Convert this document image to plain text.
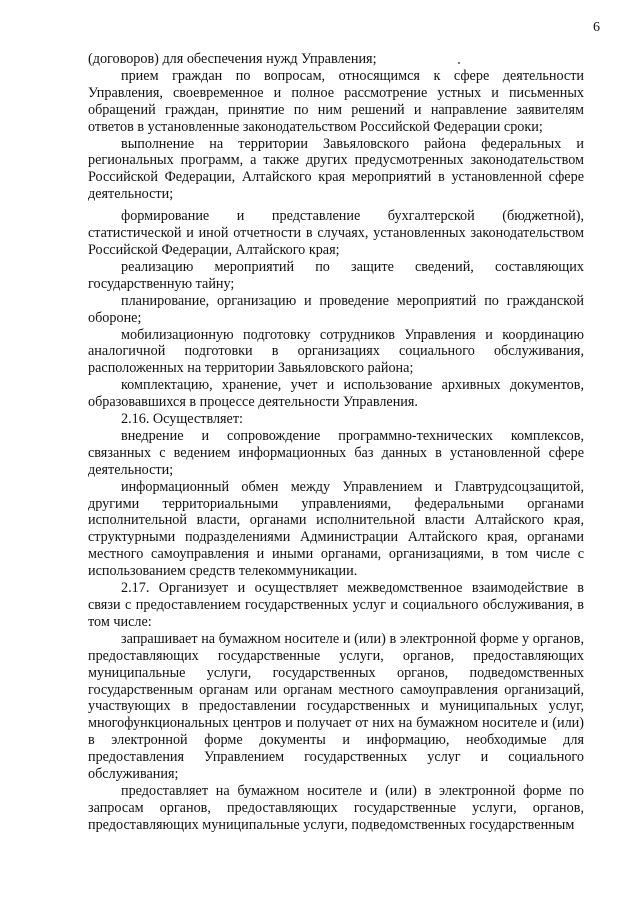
6

(договоров) для обеспечения нужд Управления;

прием граждан по вопросам, относящимся к сфере деятельности Управления, своевременное и полное рассмотрение устных и письменных обращений граждан, принятие по ним решений и направление заявителям ответов в установленные законодательством Российской Федерации сроки;

выполнение на территории Завьяловского района федеральных и региональных программ, а также других предусмотренных законодательством Российской Федерации, Алтайского края мероприятий в установленной сфере деятельности;

формирование и представление бухгалтерской (бюджетной), статистической и иной отчетности в случаях, установленных законодательством Российской Федерации, Алтайского края;

реализацию мероприятий по защите сведений, составляющих государственную тайну;

планирование, организацию и проведение мероприятий по гражданской обороне;

мобилизационную подготовку сотрудников Управления и координацию аналогичной подготовки в организациях социального обслуживания, расположенных на территории Завьяловского района;

комплектацию, хранение, учет и использование архивных документов, образовавшихся в процессе деятельности Управления.

2.16. Осуществляет:

внедрение и сопровождение программно-технических комплексов, связанных с ведением информационных баз данных в установленной сфере деятельности;

информационный обмен между Управлением и Главтрудсоцзащитой, другими территориальными управлениями, федеральными органами исполнительной власти, органами исполнительной власти Алтайского края, структурными подразделениями Администрации Алтайского края, органами местного самоуправления и иными органами, организациями, в том числе с использованием средств телекоммуникации.

2.17. Организует и осуществляет межведомственное взаимодействие в связи с предоставлением государственных услуг и социального обслуживания, в том числе:

запрашивает на бумажном носителе и (или) в электронной форме у органов, предоставляющих государственные услуги, органов, предоставляющих муниципальные услуги, государственных органов, подведомственных государственным органам или органам местного самоуправления организаций, участвующих в предоставлении государственных и муниципальных услуг, многофункциональных центров и получает от них на бумажном носителе и (или) в электронной форме документы и информацию, необходимые для предоставления Управлением государственных услуг и социального обслуживания;

предоставляет на бумажном носителе и (или) в электронной форме по запросам органов, предоставляющих государственные услуги, органов, предоставляющих муниципальные услуги, подведомственных государственным
